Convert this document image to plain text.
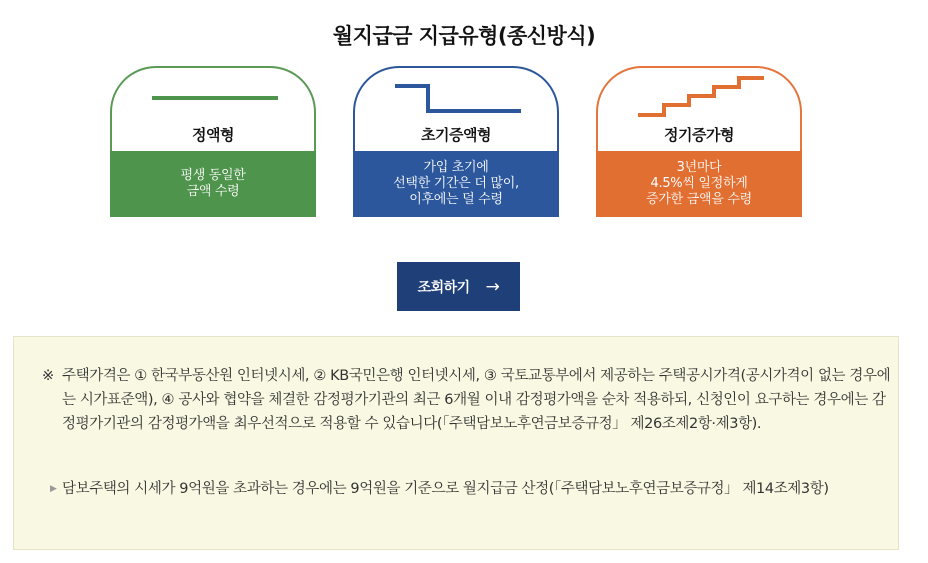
월지급금 지급유형(종신방식)
정액형
평생 동일한
금액 수령
초기증액형
가입 초기에
선택한 기간은 더 많이,
이후에는 덜 수령
정기증가형
3년마다
4.5%씩 일정하게
증가한 금액을 수령
조회하기 →
※ 주택가격은 ① 한국부동산원 인터넷시세, ② KB국민은행 인터넷시세, ③ 국토교통부에서 제공하는 주택공시가격(공시가격이 없는 경우에는 시가표준액), ④ 공사와 협약을 체결한 감정평가기관의 최근 6개월 이내 감정평가액을 순차 적용하되, 신청인이 요구하는 경우에는 감정평가기관의 감정평가액을 최우선적으로 적용할 수 있습니다(「주택담보노후연금보증규정」 제26조제2항·제3항).
▶ 담보주택의 시세가 9억원을 초과하는 경우에는 9억원을 기준으로 월지급금 산정(「주택담보노후연금보증규정」 제14조제3항)
